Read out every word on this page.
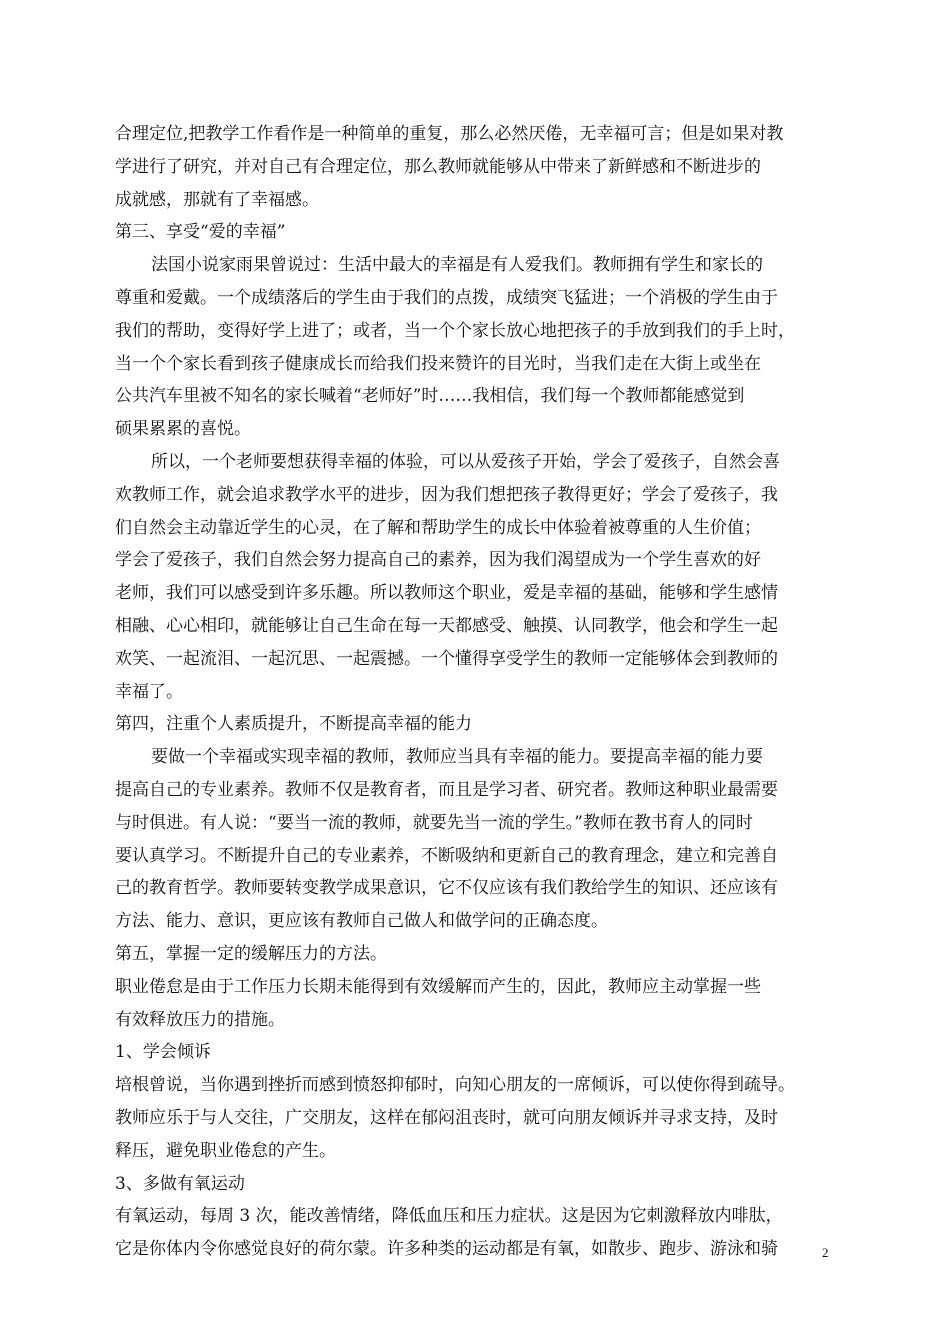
合理定位,把教学工作看作是一种简单的重复，那么必然厌倦，无幸福可言；但是如果对教
学进行了研究，并对自己有合理定位，那么教师就能够从中带来了新鲜感和不断进步的
成就感，那就有了幸福感。
第三、享受“爱的幸福”
法国小说家雨果曾说过：生活中最大的幸福是有人爱我们。教师拥有学生和家长的
尊重和爱戴。一个成绩落后的学生由于我们的点拨，成绩突飞猛进；一个消极的学生由于
我们的帮助，变得好学上进了；或者，当一个个家长放心地把孩子的手放到我们的手上时，
当一个个家长看到孩子健康成长而给我们投来赞许的目光时，当我们走在大街上或坐在
公共汽车里被不知名的家长喊着“老师好”时……我相信，我们每一个教师都能感觉到
硕果累累的喜悦。
所以，一个老师要想获得幸福的体验，可以从爱孩子开始，学会了爱孩子，自然会喜
欢教师工作，就会追求教学水平的进步，因为我们想把孩子教得更好；学会了爱孩子，我
们自然会主动靠近学生的心灵，在了解和帮助学生的成长中体验着被尊重的人生价值；
学会了爱孩子，我们自然会努力提高自己的素养，因为我们渴望成为一个学生喜欢的好
老师，我们可以感受到许多乐趣。所以教师这个职业，爱是幸福的基础，能够和学生感情
相融、心心相印，就能够让自己生命在每一天都感受、触摸、认同教学，他会和学生一起
欢笑、一起流泪、一起沉思、一起震撼。一个懂得享受学生的教师一定能够体会到教师的
幸福了。
第四，注重个人素质提升，不断提高幸福的能力
要做一个幸福或实现幸福的教师，教师应当具有幸福的能力。要提高幸福的能力要
提高自己的专业素养。教师不仅是教育者，而且是学习者、研究者。教师这种职业最需要
与时俱进。有人说：“要当一流的教师，就要先当一流的学生。”教师在教书育人的同时
要认真学习。不断提升自己的专业素养，不断吸纳和更新自己的教育理念，建立和完善自
己的教育哲学。教师要转变教学成果意识，它不仅应该有我们教给学生的知识、还应该有
方法、能力、意识，更应该有教师自己做人和做学问的正确态度。
第五，掌握一定的缓解压力的方法。
职业倦怠是由于工作压力长期未能得到有效缓解而产生的，因此，教师应主动掌握一些
有效释放压力的措施。
1、学会倾诉
培根曾说，当你遇到挫折而感到愤怒抑郁时，向知心朋友的一席倾诉，可以使你得到疏导。
教师应乐于与人交往，广交朋友，这样在郁闷沮丧时，就可向朋友倾诉并寻求支持，及时
释压，避免职业倦怠的产生。
3、多做有氧运动
有氧运动，每周 3 次，能改善情绪，降低血压和压力症状。这是因为它刺激释放内啡肽，
它是你体内令你感觉良好的荷尔蒙。许多种类的运动都是有氧，如散步、跑步、游泳和骑	2
